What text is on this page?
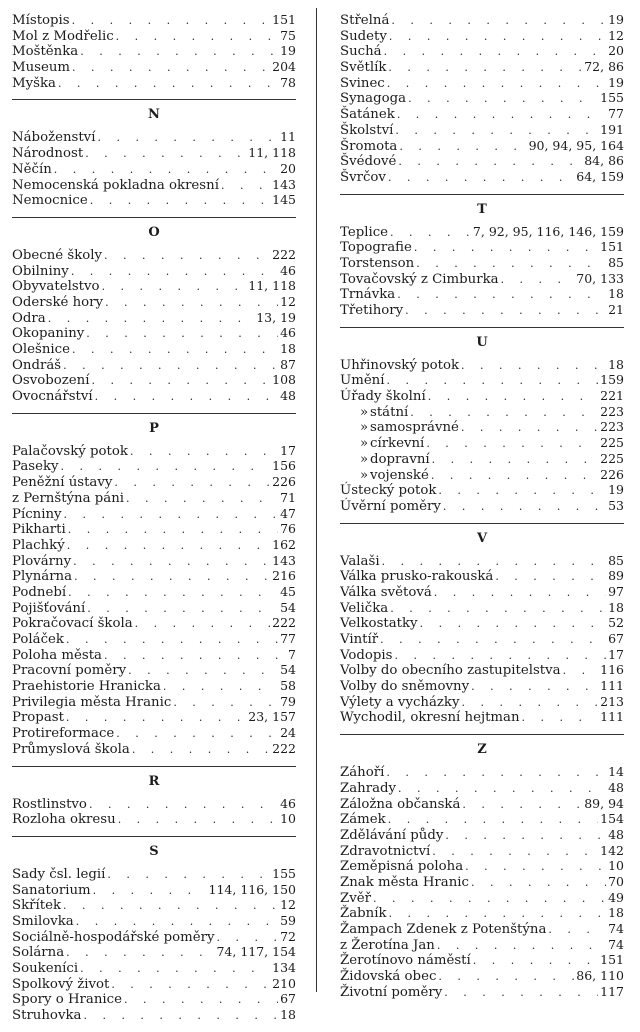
Místopis . . .	151
Mol z Modřelic . . .	75
Moštěnka . . .	19
Museum . . .	204
Myška . . .	78
N
Náboženství . . .	11
Národnost . . .	11, 118
Něčín . . .	20
Nemocenská pokladna okresní . . .	143
Nemocnice . . .	145
O
Obecné školy . . .	222
Obilniny . . .	46
Obyvatelstvo . . .	11, 118
Oderské hory . . .	12
Odra . . .	13, 19
Okopaniny . . .	46
Olešnice . . .	18
Ondráš . . .	87
Osvobození . . .	108
Ovocnářství . . .	48
P
Palačovský potok . . .	17
Paseky . . .	156
Peněžní ústavy . . .	226
z Pernštýna páni . . .	71
Pícniny . . .	47
Pikharti . . .	76
Plachký . . .	162
Plovárny . . .	143
Plynárna . . .	216
Podnebí . . .	45
Pojišťování . . .	54
Pokračovací škola . . .	222
Poláček . . .	77
Poloha města . . .	7
Pracovní poměry . . .	54
Praehistorie Hranicka . . .	58
Privilegia města Hranic . . .	79
Propast . . .	23, 157
Protireformace . . .	24
Průmyslová škola . . .	222
R
Rostlinstvo . . .	46
Rozloha okresu . . .	10
S
Sady čsl. legií . . .	155
Sanatorium . . .	114, 116, 150
Skřítek . . .	12
Smilovka . . .	59
Sociálně-hospodářské poměry . . .	72
Solárna . . .	74, 117, 154
Soukeníci . . .	134
Spolkový život . . .	210
Spory o Hranice . . .	67
Struhovka . . .	18
Střelná . . .	19
Sudety . . .	12
Suchá . . .	20
Světlík . . .	72, 86
Svinec . . .	19
Synagoga . . .	155
Šatánek . . .	77
Školství . . .	191
Šromota . . .	90, 94, 95, 164
Švédové . . .	84, 86
Švrčov . . .	64, 159
T
Teplice . . .	7, 92, 95, 116, 146, 159
Topografie . . .	151
Torstenson . . .	85
Tovačovský z Cimburka . . .	70, 133
Trnávka . . .	18
Třetihory . . .	21
U
Uhřinovský potok . . .	18
Umění . . .	159
Úřady školní . . .	221
» státní . . .	223
» samosprávné . . .	223
» církevní . . .	225
» dopravní . . .	225
» vojenské . . .	226
Ústecký potok . . .	19
Úvěrní poměry . . .	53
V
Valaši . . .	85
Válka prusko-rakouská . . .	89
Válka světová . . .	97
Velička . . .	18
Velkostatky . . .	52
Vintíř . . .	67
Vodopis . . .	17
Volby do obecního zastupitelstva . . .	116
Volby do sněmovny . . .	111
Výlety a vycházky . . .	213
Wychodil, okresní hejtman . . .	111
Z
Záhoří . . .	14
Zahrady . . .	48
Záložna občanská . . .	89, 94
Zámek . . .	154
Zdělávání půdy . . .	48
Zdravotnictví . . .	142
Zeměpisná poloha . . .	10
Znak města Hranic . . .	70
Zvěř . . .	49
Žabník . . .	18
Žampach Zdenek z Potenštýna . . .	74
z Žerotína Jan . . .	74
Žerotínovo náměstí . . .	151
Židovská obec . . .	86, 110
Životní poměry . . .	117
